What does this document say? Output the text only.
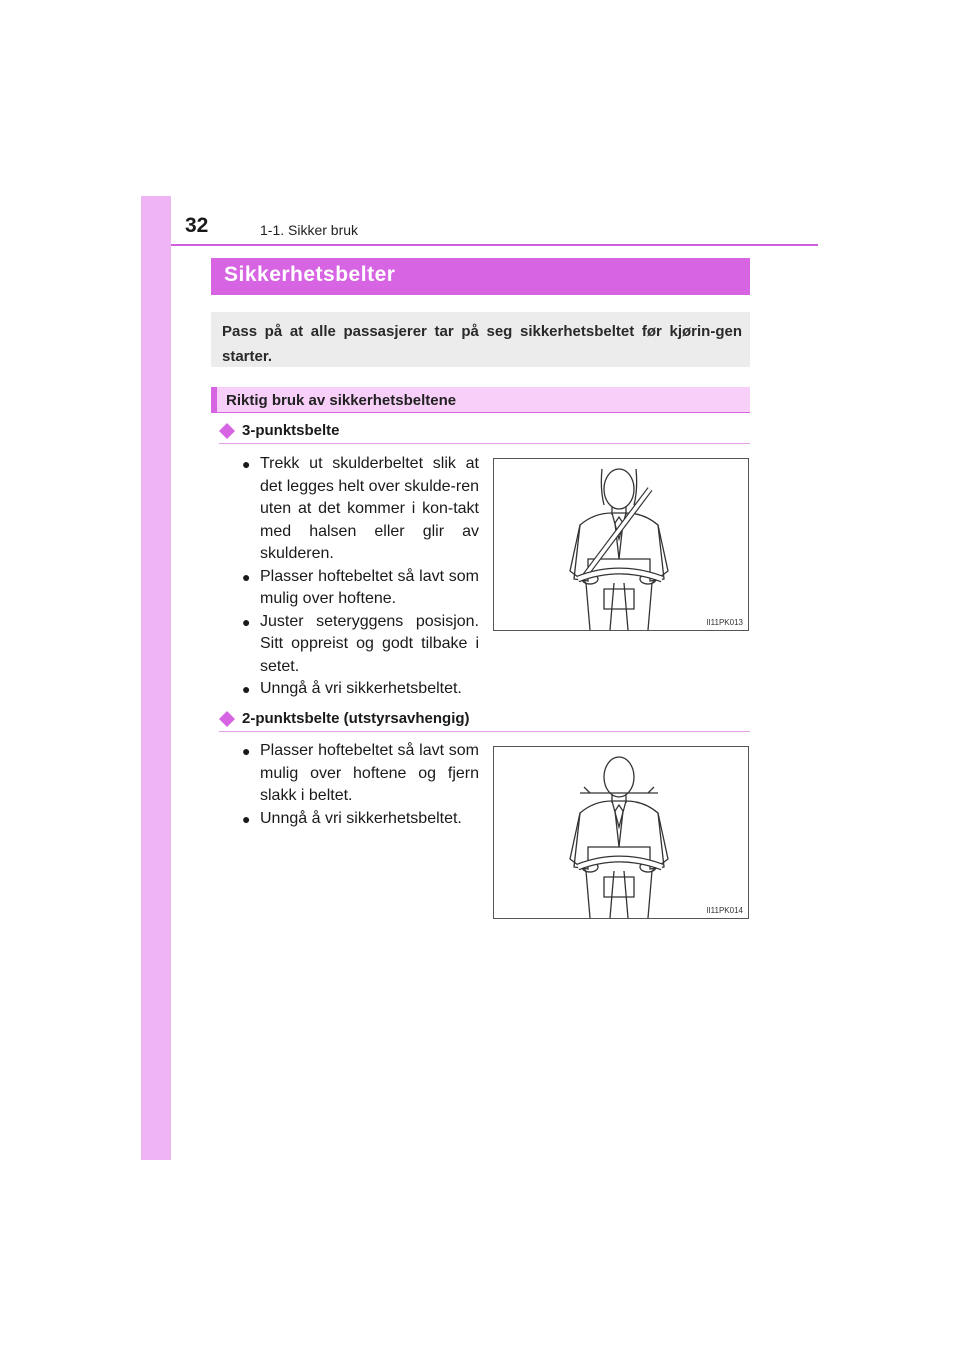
32	1-1. Sikker bruk
Sikkerhetsbelter
Pass på at alle passasjerer tar på seg sikkerhetsbeltet før kjørin-gen starter.
Riktig bruk av sikkerhetsbeltene
3-punktsbelte
● Trekk ut skulderbeltet slik at det legges helt over skulde-ren uten at det kommer i kon-takt med halsen eller glir av skulderen.
● Plasser hoftebeltet så lavt som mulig over hoftene.
● Juster seteryggens posisjon. Sitt oppreist og godt tilbake i setet.
● Unngå å vri sikkerhetsbeltet.
II11PK013
2-punktsbelte (utstyrsavhengig)
● Plasser hoftebeltet så lavt som mulig over hoftene og fjern slakk i beltet.
● Unngå å vri sikkerhetsbeltet.
II11PK014
